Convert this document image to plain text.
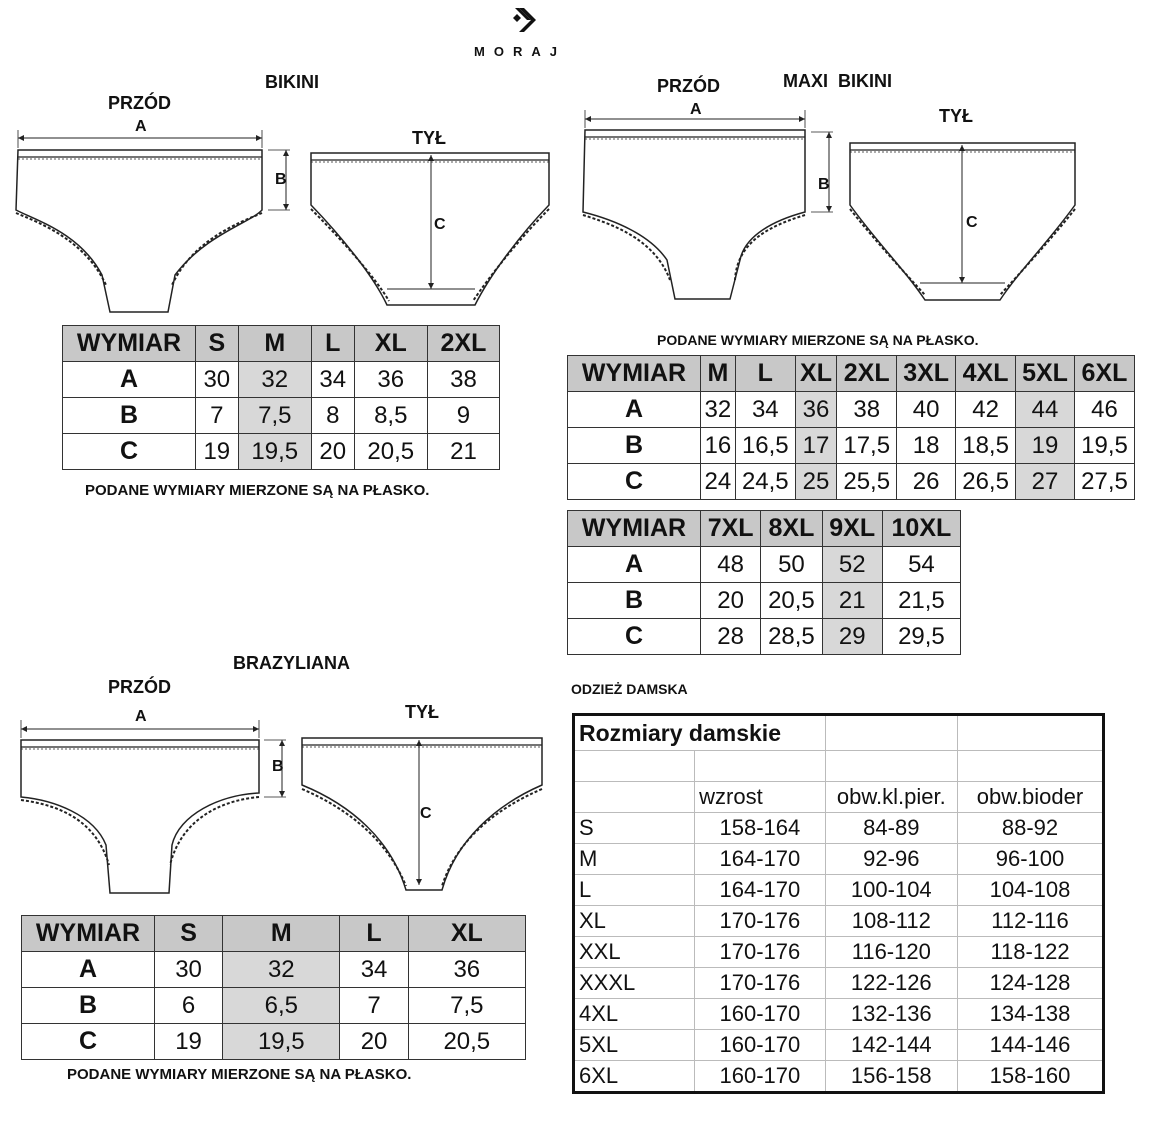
MORAJ
BIKINI
PRZÓD
TYŁ
A
B
C
WYMIAR	S	M	L	XL	2XL
A	30	32	34	36	38
B	7	7,5	8	8,5	9
C	19	19,5	20	20,5	21
PODANE WYMIARY MIERZONE SĄ NA PŁASKO.
PRZÓD	MAXI  BIKINI
TYŁ
A
B
C
PODANE WYMIARY MIERZONE SĄ NA PŁASKO.
WYMIAR	M	L	XL	2XL	3XL	4XL	5XL	6XL
A	32	34	36	38	40	42	44	46
B	16	16,5	17	17,5	18	18,5	19	19,5
C	24	24,5	25	25,5	26	26,5	27	27,5
WYMIAR	7XL	8XL	9XL	10XL
A	48	50	52	54
B	20	20,5	21	21,5
C	28	28,5	29	29,5
BRAZYLIANA
PRZÓD
TYŁ
A
B
C
WYMIAR	S	M	L	XL
A	30	32	34	36
B	6	6,5	7	7,5
C	19	19,5	20	20,5
PODANE WYMIARY MIERZONE SĄ NA PŁASKO.
ODZIEŻ DAMSKA
Rozmiary damskie			

	wzrost	obw.kl.pier.	obw.bioder
S	158-164	84-89	88-92
M	164-170	92-96	96-100
L	164-170	100-104	104-108
XL	170-176	108-112	112-116
XXL	170-176	116-120	118-122
XXXL	170-176	122-126	124-128
4XL	160-170	132-136	134-138
5XL	160-170	142-144	144-146
6XL	160-170	156-158	158-160
